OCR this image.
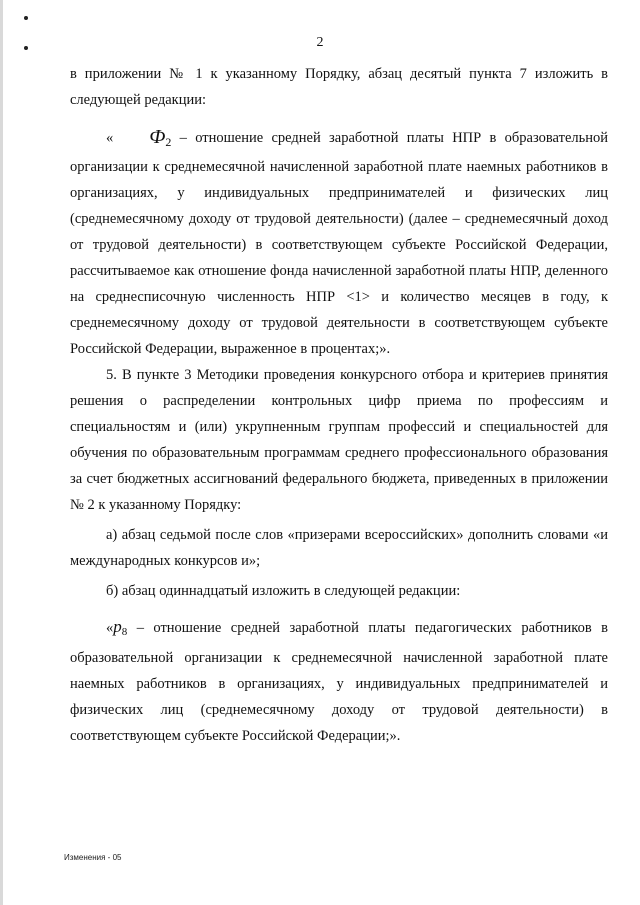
2

в приложении № 1 к указанному Порядку, абзац десятый пункта 7 изложить в следующей редакции:

« $Ф_2$ – отношение средней заработной платы НПР в образовательной организации к среднемесячной начисленной заработной плате наемных работников в организациях, у индивидуальных предпринимателей и физических лиц (среднемесячному доходу от трудовой деятельности) (далее – среднемесячный доход от трудовой деятельности) в соответствующем субъекте Российской Федерации, рассчитываемое как отношение фонда начисленной заработной платы НПР, деленного на среднесписочную численность НПР <1> и количество месяцев в году, к среднемесячному доходу от трудовой деятельности в соответствующем субъекте Российской Федерации, выраженное в процентах;».

5. В пункте 3 Методики проведения конкурсного отбора и критериев принятия решения о распределении контрольных цифр приема по профессиям и специальностям и (или) укрупненным группам профессий и специальностей для обучения по образовательным программам среднего профессионального образования за счет бюджетных ассигнований федерального бюджета, приведенных в приложении № 2 к указанному Порядку:

а) абзац седьмой после слов «призерами всероссийских» дополнить словами «и международных конкурсов и»;

б) абзац одиннадцатый изложить в следующей редакции:

«$p_8$ – отношение средней заработной платы педагогических работников в образовательной организации к среднемесячной начисленной заработной плате наемных работников в организациях, у индивидуальных предпринимателей и физических лиц (среднемесячному доходу от трудовой деятельности) в соответствующем субъекте Российской Федерации;».

Изменения - 05
